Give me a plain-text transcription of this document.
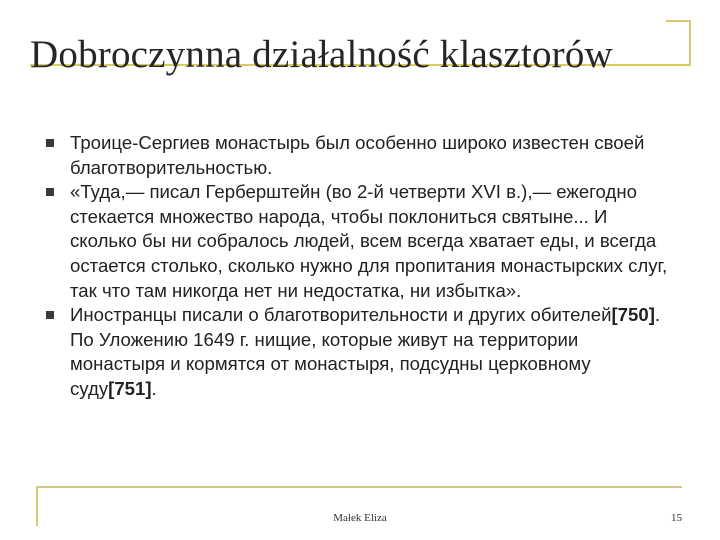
Dobroczynna działalność klasztorów
Троице-Сергиев монастырь был особенно широко известен своей благотворительностью.
«Туда,— писал Герберштейн (во 2-й четверти XVI в.),— ежегодно стекается множество народа, чтобы поклониться святыне... И сколько бы ни собралось людей, всем всегда хватает еды, и всегда остается столько, сколько нужно для пропитания монастырских слуг, так что там никогда нет ни недостатка, ни избытка».
Иностранцы писали о благотворительности и других обителей[750]. По Уложению 1649 г. нищие, которые живут на территории монастыря и кормятся от монастыря, подсудны церковному суду[751].
Małek Eliza	15
